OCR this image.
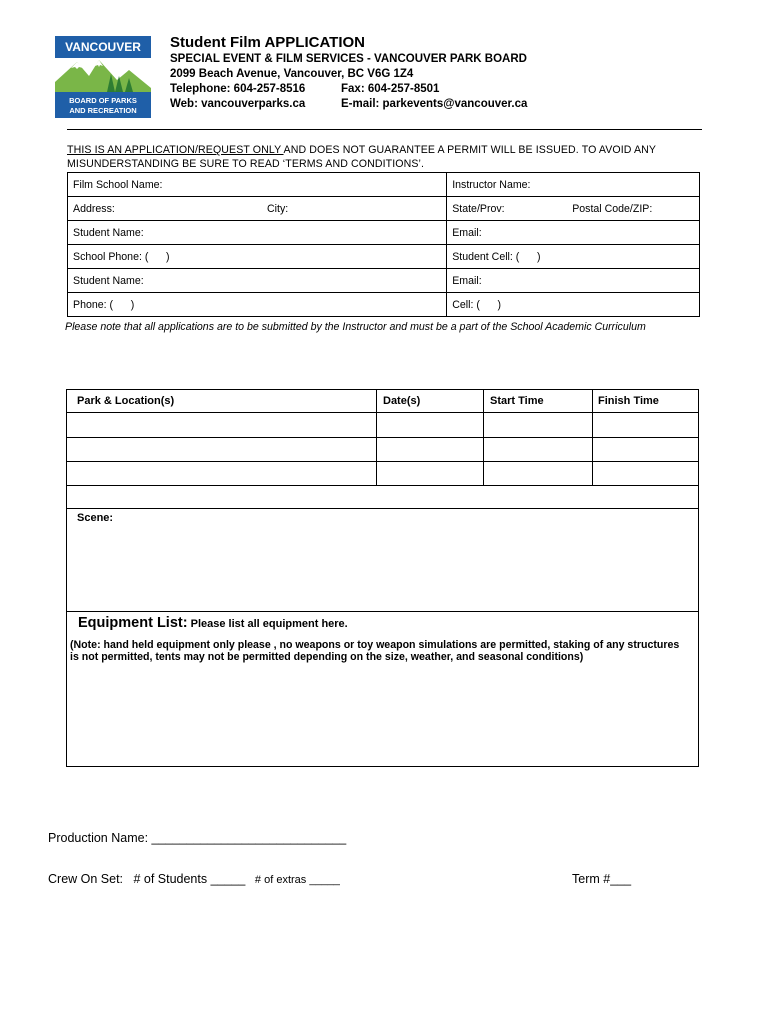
VANCOUVER
BOARD OF PARKS
AND RECREATION
Student Film APPLICATION
SPECIAL EVENT & FILM SERVICES - VANCOUVER PARK BOARD
2099 Beach Avenue, Vancouver, BC V6G 1Z4
Telephone: 604-257-8516	Fax: 604-257-8501
Web: vancouverparks.ca	E-mail: parkevents@vancouver.ca
THIS IS AN APPLICATION/REQUEST ONLY AND DOES NOT GUARANTEE A PERMIT WILL BE ISSUED. TO AVOID ANY MISUNDERSTANDING BE SURE TO READ ‘TERMS AND CONDITIONS’.
Film School Name:		Instructor Name:	
Address:	City:	State/Prov:	Postal Code/ZIP:
Student Name:		Email:	
School Phone: (      )		Student Cell: (      )	
Student Name:		Email:	
Phone: (      )		Cell: (      )	
Please note that all applications are to be submitted by the Instructor and must be a part of the School Academic Curriculum
Park & Location(s)	Date(s)	Start Time	Finish Time
Scene:
Equipment List: Please list all equipment here.
(Note: hand held equipment only please , no weapons or toy weapon simulations are permitted, staking of any structures is not permitted, tents may not be permitted depending on the size, weather, and seasonal conditions)
Production Name: ____________________________
Crew On Set:   # of Students _____   # of extras _____	Term #___
